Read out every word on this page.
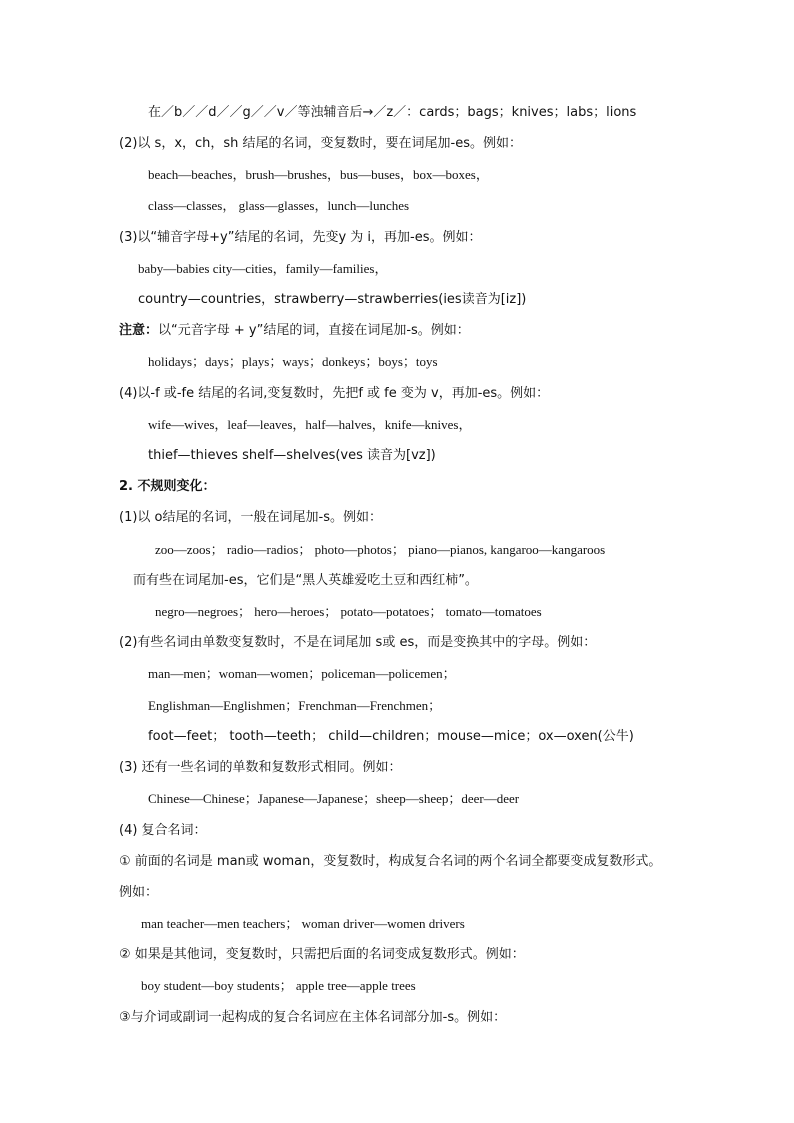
在／b／／d／／g／／v／等浊辅音后→／z／：cards；bags；knives；labs；lions
(2)以 s，x，ch，sh 结尾的名词，变复数时，要在词尾加-es。例如：
beach—beaches，brush—brushes，bus—buses，box—boxes，
class—classes， glass—glasses，lunch—lunches
(3)以“辅音字母+y”结尾的名词，先变y 为 i，再加-es。例如：
baby—babies city—cities，family—families，
country—countries，strawberry—strawberries(ies读音为[iz])
注意：以“元音字母 + y”结尾的词，直接在词尾加-s。例如：
holidays；days；plays；ways；donkeys；boys；toys
(4)以-f 或-fe 结尾的名词,变复数时，先把f 或 fe 变为 v，再加-es。例如：
wife—wives，leaf—leaves，half—halves，knife—knives，
thief—thieves shelf—shelves(ves 读音为[vz])
2. 不规则变化：
(1)以 o结尾的名词，一般在词尾加-s。例如：
zoo—zoos； radio—radios； photo—photos； piano—pianos, kangaroo—kangaroos
而有些在词尾加-es，它们是“黑人英雄爱吃土豆和西红柿”。
negro—negroes； hero—heroes； potato—potatoes； tomato—tomatoes
(2)有些名词由单数变复数时，不是在词尾加 s或 es，而是变换其中的字母。例如：
man—men；woman—women；policeman—policemen；
Englishman—Englishmen；Frenchman—Frenchmen；
foot—feet； tooth—teeth； child—children；mouse—mice；ox—oxen(公牛)
(3) 还有一些名词的单数和复数形式相同。例如：
Chinese—Chinese；Japanese—Japanese；sheep—sheep；deer—deer
(4) 复合名词：
① 前面的名词是 man或 woman，变复数时，构成复合名词的两个名词全都要变成复数形式。
例如：
man teacher—men teachers； woman driver—women drivers
② 如果是其他词，变复数时，只需把后面的名词变成复数形式。例如：
boy student—boy students； apple tree—apple trees
③与介词或副词一起构成的复合名词应在主体名词部分加-s。例如：
